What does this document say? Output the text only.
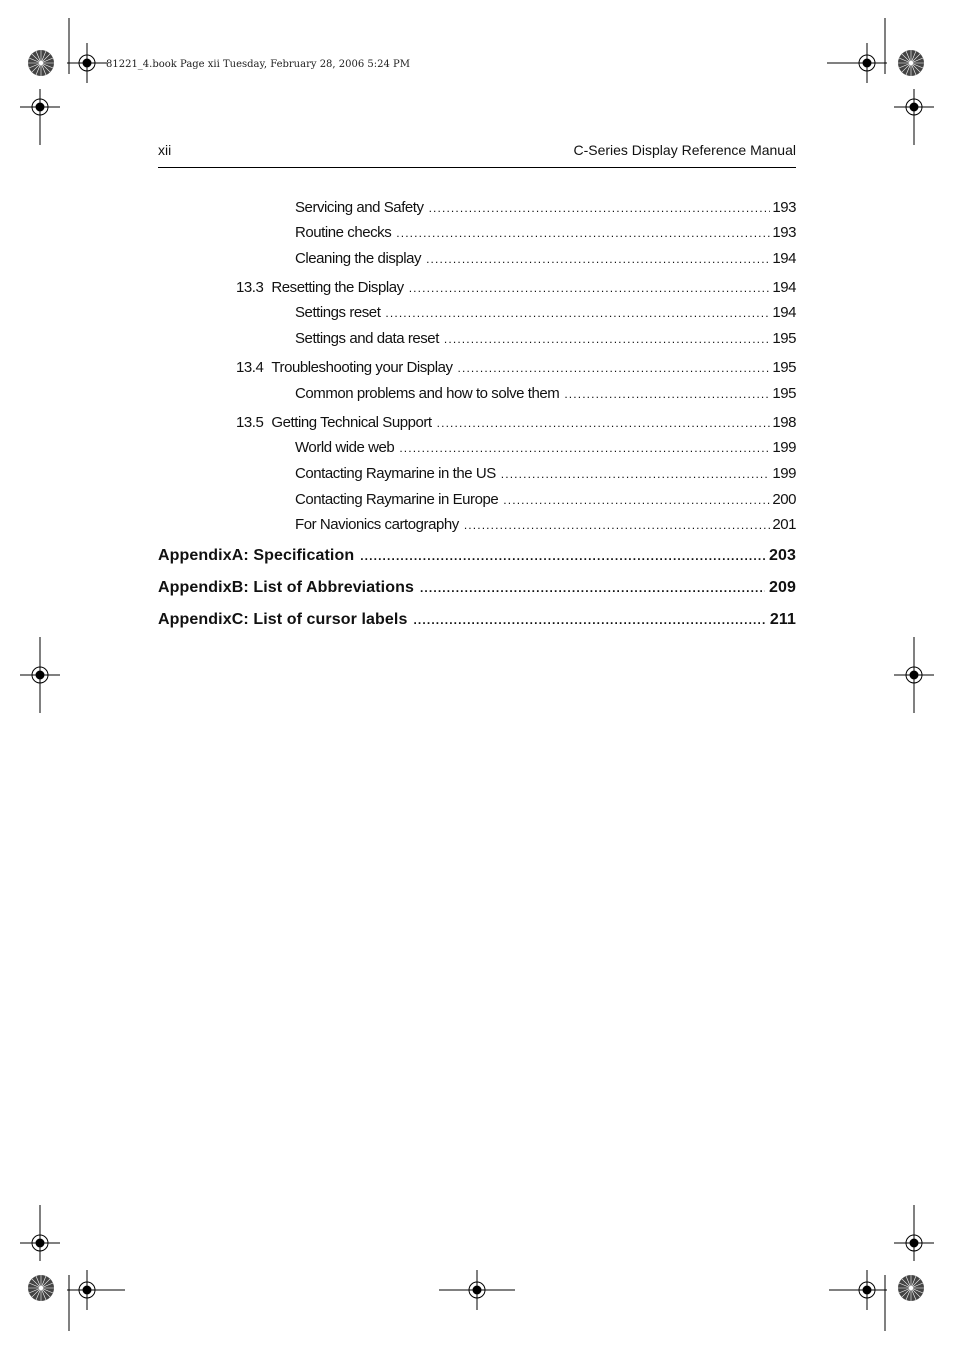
81221_4.book Page xii Tuesday, February 28, 2006 5:24 PM
xii	C-Series Display Reference Manual
Servicing and Safety . . .	193
Routine checks . . .	193
Cleaning the display . . .	194
13.3 Resetting the Display . . .	194
Settings reset . . .	194
Settings and data reset . . .	195
13.4 Troubleshooting your Display . . .	195
Common problems and how to solve them . . .	195
13.5 Getting Technical Support . . .	198
World wide web . . .	199
Contacting Raymarine in the US . . .	199
Contacting Raymarine in Europe . . .	200
For Navionics cartography . . .	201
AppendixA: Specification . . .	203
AppendixB: List of Abbreviations . . .	209
AppendixC: List of cursor labels . . .	211
